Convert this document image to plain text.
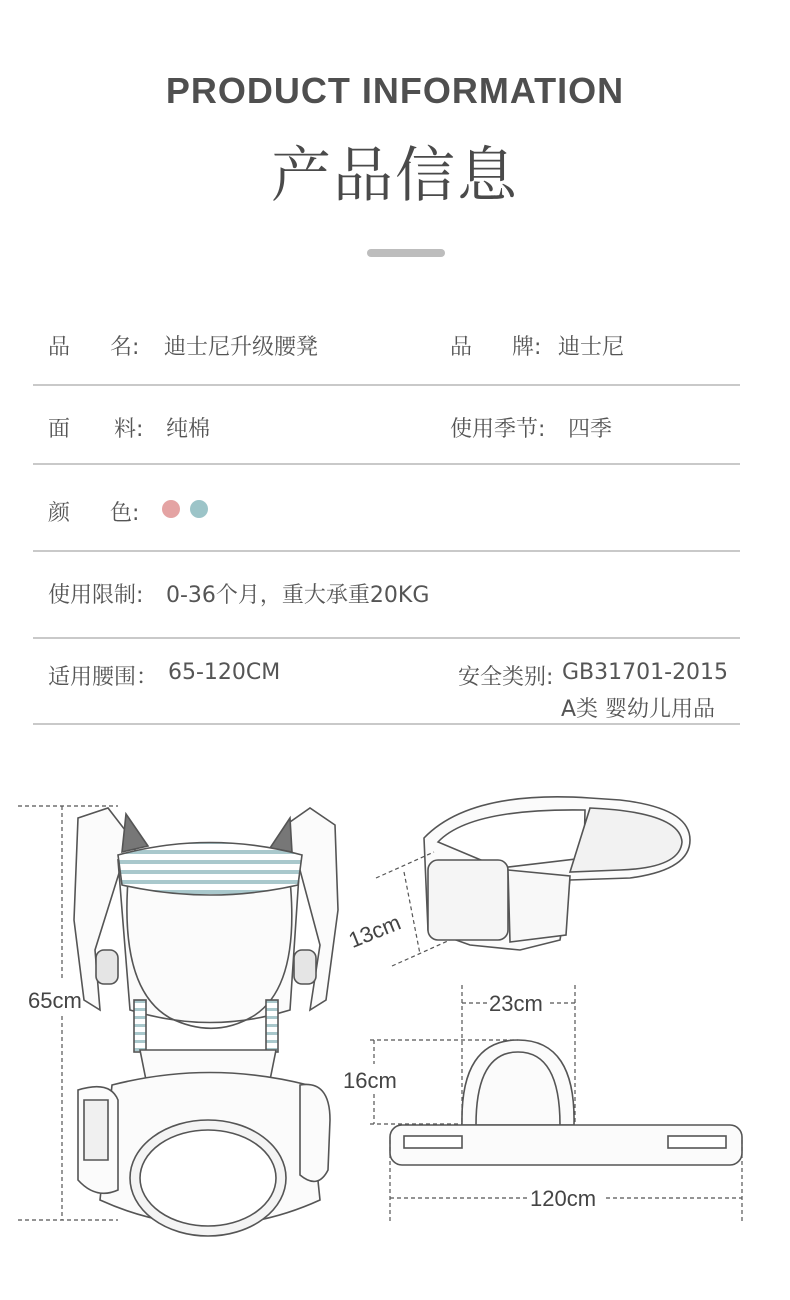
PRODUCT INFORMATION
产品信息
品 名: 迪士尼升级腰凳	品 牌: 迪士尼
面 料: 纯棉	使用季节: 四季
颜 色:
使用限制: 0-36个月，重大承重20KG
适用腰围： 65-120CM	安全类别: GB31701-2015
A类 婴幼儿用品
65cm
13cm
23cm
16cm
120cm
